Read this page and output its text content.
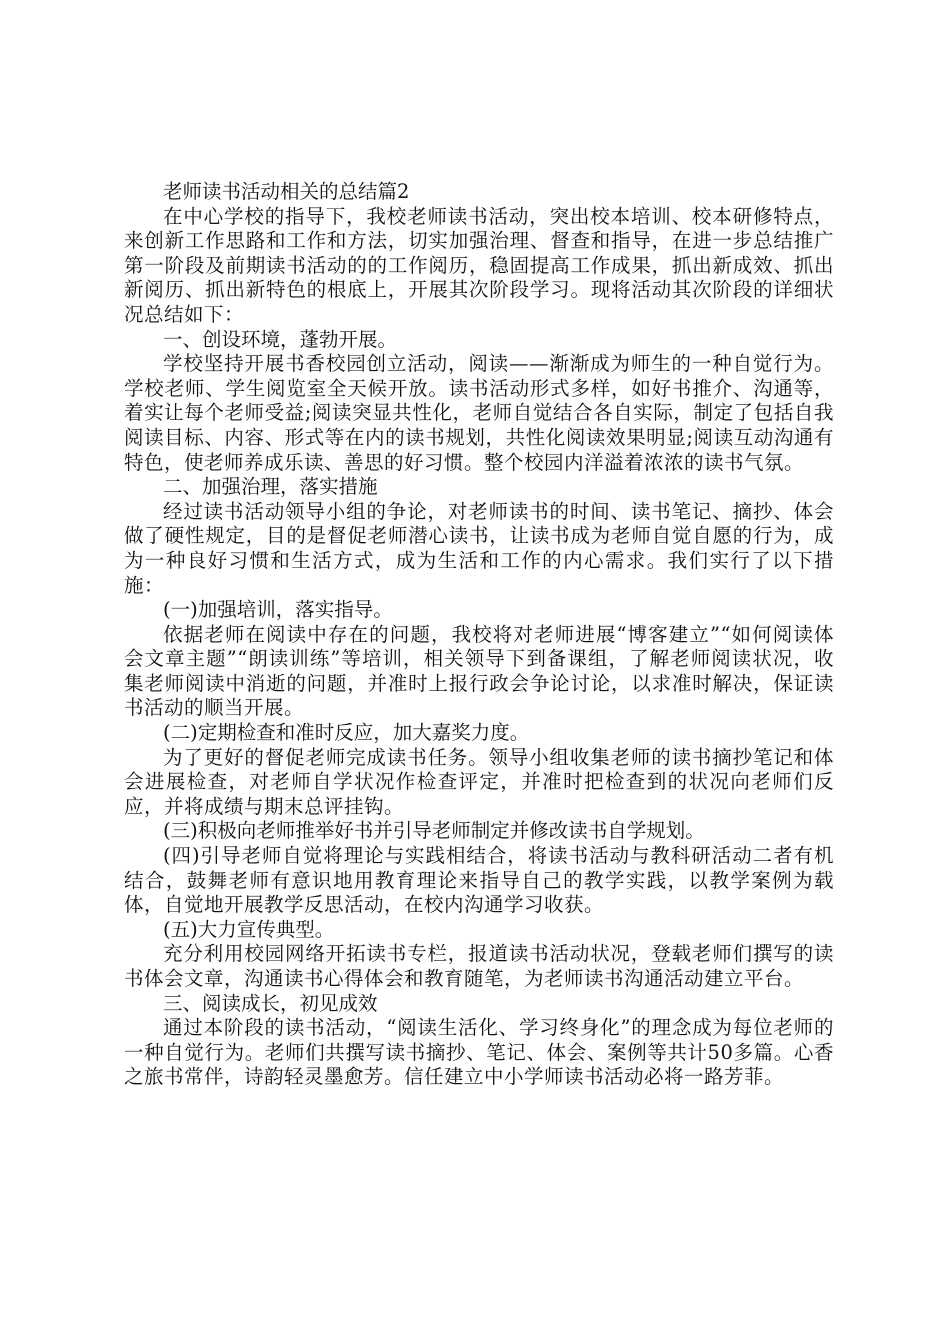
老师读书活动相关的总结篇2

在中心学校的指导下，我校老师读书活动，突出校本培训、校本研修特点，来创新工作思路和工作和方法，切实加强治理、督查和指导，在进一步总结推广第一阶段及前期读书活动的的工作阅历，稳固提高工作成果，抓出新成效、抓出新阅历、抓出新特色的根底上，开展其次阶段学习。现将活动其次阶段的详细状况总结如下：

一、创设环境，蓬勃开展。

学校坚持开展书香校园创立活动，阅读——渐渐成为师生的一种自觉行为。学校老师、学生阅览室全天候开放。读书活动形式多样，如好书推介、沟通等，着实让每个老师受益;阅读突显共性化，老师自觉结合各自实际，制定了包括自我阅读目标、内容、形式等在内的读书规划，共性化阅读效果明显;阅读互动沟通有特色，使老师养成乐读、善思的好习惯。整个校园内洋溢着浓浓的读书气氛。

二、加强治理，落实措施

经过读书活动领导小组的争论，对老师读书的时间、读书笔记、摘抄、体会做了硬性规定，目的是督促老师潜心读书，让读书成为老师自觉自愿的行为，成为一种良好习惯和生活方式，成为生活和工作的内心需求。我们实行了以下措施：

(一)加强培训，落实指导。

依据老师在阅读中存在的问题，我校将对老师进展“博客建立”“如何阅读体会文章主题”“朗读训练”等培训，相关领导下到备课组，了解老师阅读状况，收集老师阅读中消逝的问题，并准时上报行政会争论讨论，以求准时解决，保证读书活动的顺当开展。

(二)定期检查和准时反应，加大嘉奖力度。

为了更好的督促老师完成读书任务。领导小组收集老师的读书摘抄笔记和体会进展检查，对老师自学状况作检查评定，并准时把检查到的状况向老师们反应，并将成绩与期末总评挂钩。

(三)积极向老师推举好书并引导老师制定并修改读书自学规划。

(四)引导老师自觉将理论与实践相结合，将读书活动与教科研活动二者有机结合，鼓舞老师有意识地用教育理论来指导自己的教学实践，以教学案例为载体，自觉地开展教学反思活动，在校内沟通学习收获。

(五)大力宣传典型。

充分利用校园网络开拓读书专栏，报道读书活动状况，登载老师们撰写的读书体会文章，沟通读书心得体会和教育随笔，为老师读书沟通活动建立平台。

三、阅读成长，初见成效

通过本阶段的读书活动，“阅读生活化、学习终身化”的理念成为每位老师的一种自觉行为。老师们共撰写读书摘抄、笔记、体会、案例等共计50多篇。心香之旅书常伴，诗韵轻灵墨愈芳。信任建立中小学师读书活动必将一路芳菲。
